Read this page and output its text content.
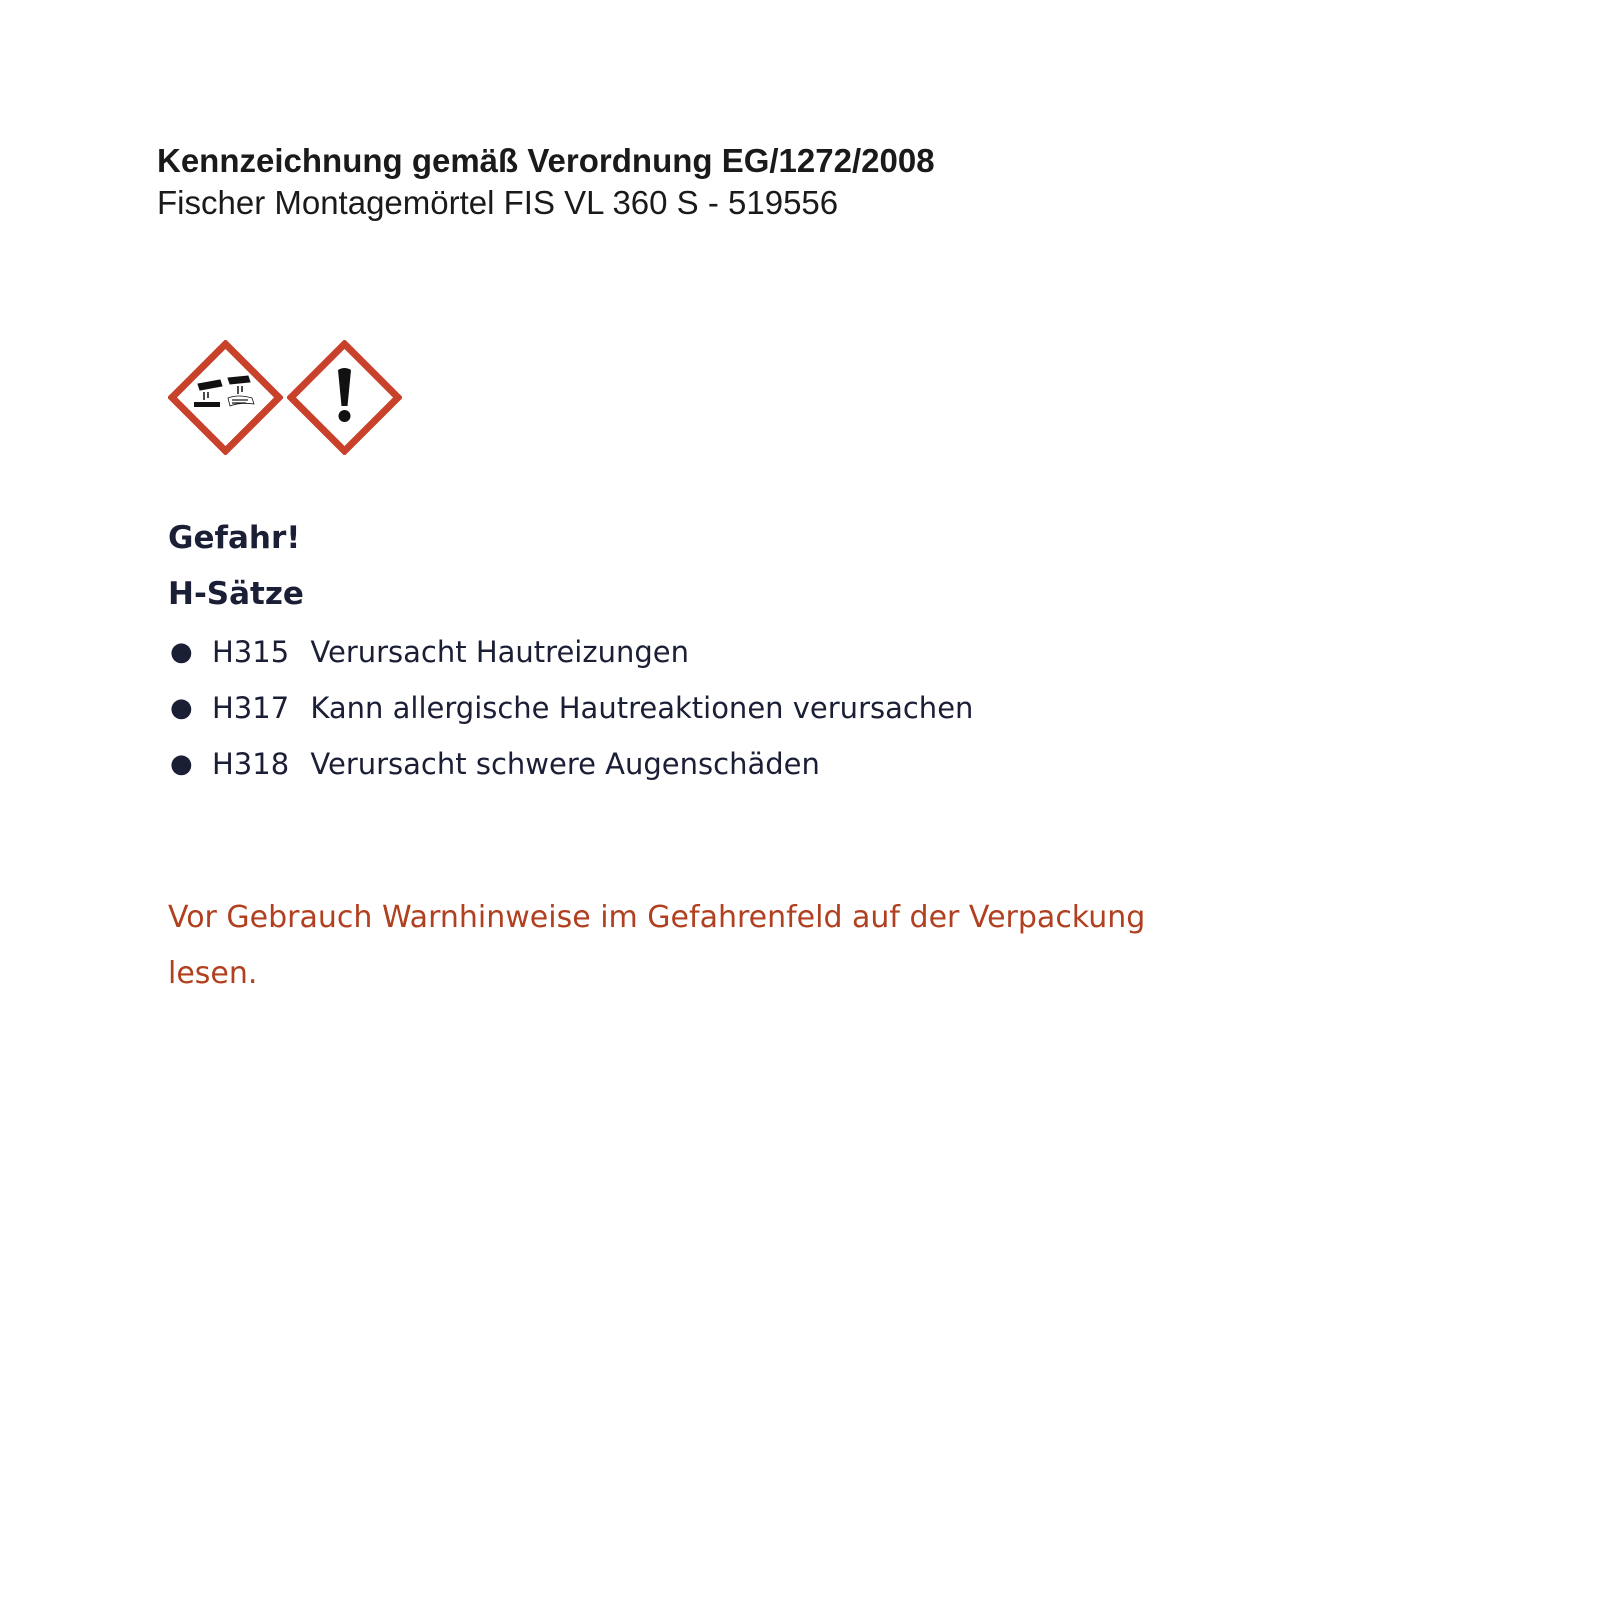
Kennzeichnung gemäß Verordnung EG/1272/2008
Fischer Montagemörtel FIS VL 360 S - 519556
Gefahr!
H-Sätze
● H315 Verursacht Hautreizungen
● H317 Kann allergische Hautreaktionen verursachen
● H318 Verursacht schwere Augenschäden
Vor Gebrauch Warnhinweise im Gefahrenfeld auf der Verpackung lesen.
